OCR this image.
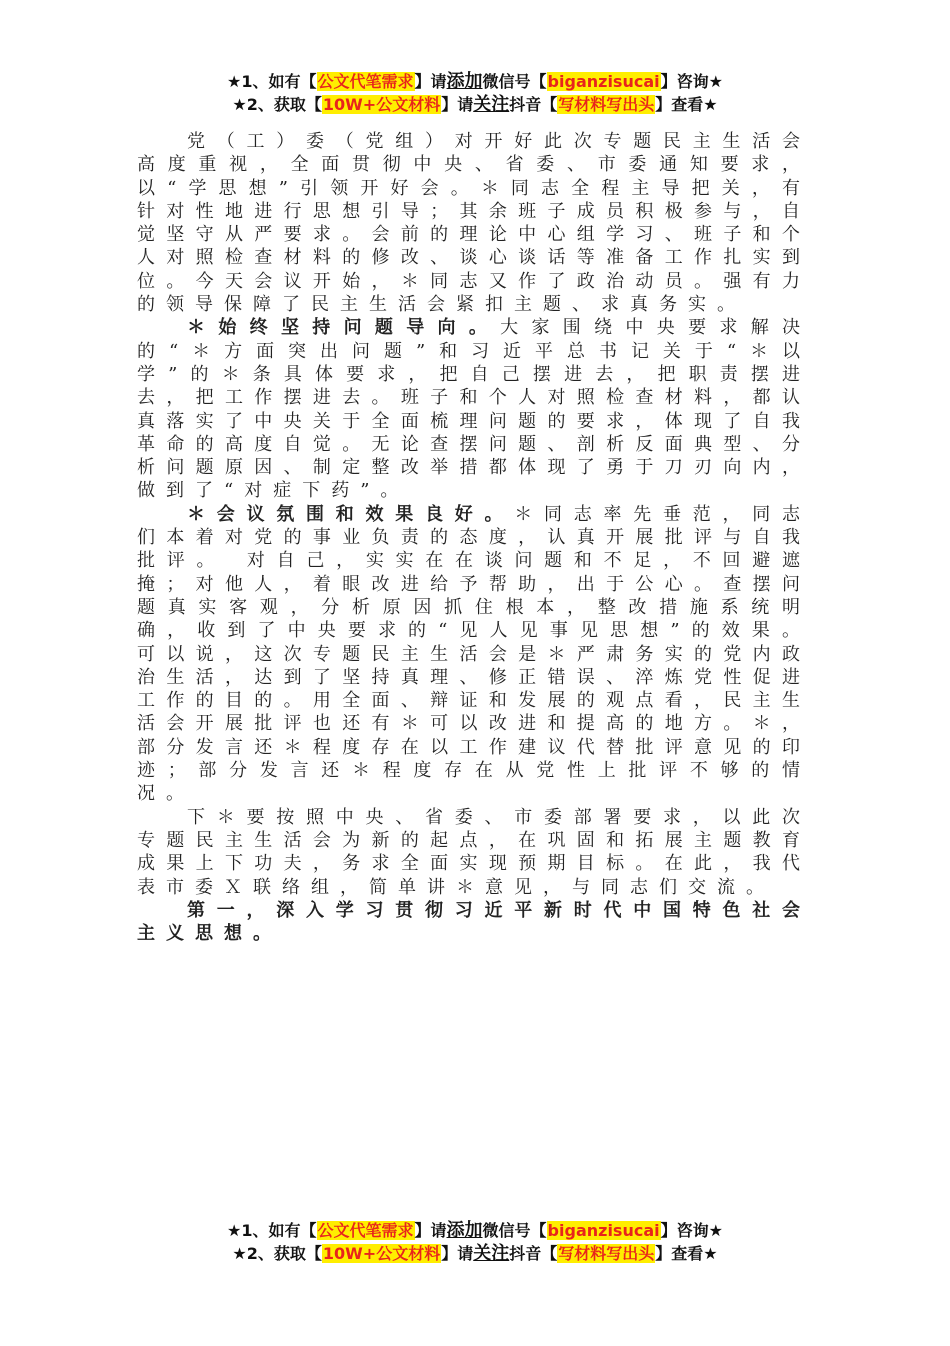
★1、如有【公文代笔需求】请添加微信号【biganzisucai】咨询★
★2、获取【10W+公文材料】请关注抖音【写材料写出头】查看★

党（工）委（党组）对开好此次专题民主生活会高度重视，全面贯彻中央、省委、市委通知要求，以“学思想”引领开好会。＊同志全程主导把关，有针对性地进行思想引导；其余班子成员积极参与，自觉坚守从严要求。会前的理论中心组学习、班子和个人对照检查材料的修改、谈心谈话等准备工作扎实到位。今天会议开始，＊同志又作了政治动员。强有力的领导保障了民主生活会紧扣主题、求真务实。

＊始终坚持问题导向。大家围绕中央要求解决的“＊方面突出问题”和习近平总书记关于“＊以学”的＊条具体要求，把自己摆进去，把职责摆进去，把工作摆进去。班子和个人对照检查材料，都认真落实了中央关于全面梳理问题的要求，体现了自我革命的高度自觉。无论查摆问题、剖析反面典型、分析问题原因、制定整改举措都体现了勇于刀刃向内，做到了“对症下药”。

＊会议氛围和效果良好。＊同志率先垂范，同志们本着对党的事业负责的态度，认真开展批评与自我批评。　对自己，实实在在谈问题和不足，不回避遮掩；对他人，着眼改进给予帮助，出于公心。查摆问题真实客观，分析原因抓住根本，整改措施系统明确，收到了中央要求的“见人见事见思想”的效果。可以说，这次专题民主生活会是＊严肃务实的党内政治生活，达到了坚持真理、修正错误、淬炼党性促进工作的目的。用全面、辩证和发展的观点看，民主生活会开展批评也还有＊可以改进和提高的地方。＊，部分发言还＊程度存在以工作建议代替批评意见的印迹；部分发言还＊程度存在从党性上批评不够的情况。

下＊要按照中央、省委、市委部署要求，以此次专题民主生活会为新的起点，在巩固和拓展主题教育成果上下功夫，务求全面实现预期目标。在此，我代表市委Ｘ联络组，简单讲＊意见，与同志们交流。

第一，深入学习贯彻习近平新时代中国特色社会主义思想。

★1、如有【公文代笔需求】请添加微信号【biganzisucai】咨询★
★2、获取【10W+公文材料】请关注抖音【写材料写出头】查看★
